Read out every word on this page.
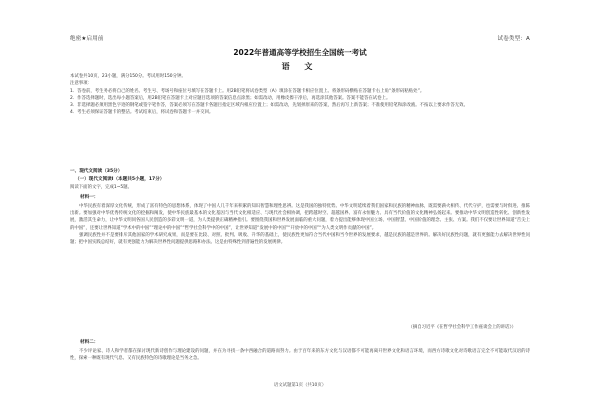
绝密★启用前	试卷类型：A
2022年普通高等学校招生全国统一考试
语 文

本试卷共10页，23小题，满分150分。考试用时150分钟。

注意事项：

1．答卷前，考生务必将自己的姓名、考生号、考场号和座位号填写在答题卡上。用2B铅笔将试卷类型（A）填涂在答题卡相应位置上。将条形码横贴在答题卡右上角“条形码粘贴处”。

2．作答选择题时，选出每小题答案后，用2B铅笔在答题卡上对应题目选项的答案信息点涂黑；如需改动，用橡皮擦干净后，再选涂其他答案。答案不能答在试卷上。

3．非选择题必须用黑色字迹的钢笔或签字笔作答，答案必须写在答题卡各题目指定区域内相应位置上；如需改动，先划掉原来的答案，然后再写上新答案；不准使用铅笔和涂改液。不按以上要求作答无效。

4．考生必须保证答题卡的整洁。考试结束后，将试卷和答题卡一并交回。

一、现代文阅读（35分）
（一）现代文阅读Ⅰ（本题共5小题，17分）
阅读下面的文字，完成1~5题。
材料一：

中华民族有着深厚文化传统，形成了富有特色的思想体系，体现了中国人几千年来积累的知识智慧和理性思辨。这是我国的独特优势。中华文明延续着我们国家和民族的精神血脉，既需要薪火相传、代代守护，也需要与时俱进、推陈出新。要加强对中华优秀传统文化的挖掘和阐发，使中华民族最基本的文化基因与当代文化相适应、与现代社会相协调，把跨越时空、超越国界、富有永恒魅力、具有当代价值的文化精神弘扬起来。要推动中华文明创造性转化、创新性发展，激活其生命力，让中华文明同各国人民创造的多彩文明一道，为人类提供正确精神指引。要围绕我国和世界发展面临的重大问题，着力提出能够体现中国立场、中国智慧、中国价值的理念、主张、方案。我们不仅要让世界知道“舌尖上的中国”，还要让世界知道“学术中的中国”“理论中的中国”“哲学社会科学中的中国”，让世界知道“发展中的中国”“开放中的中国”“为人类文明作贡献的中国”。

强调民族性并不是要排斥其他国家的学术研究成果，而是要在比较、对照、批判、吸收、升华的基础上，使民族性更加符合当代中国和当今世界的发展要求，越是民族的越是世界的。解决好民族性问题，就有更强能力去解决世界性问题；把中国实践总结好，就有更强能力为解决世界性问题提供思路和办法。这是由特殊性到普遍性的发展规律。

（摘自习近平《在哲学社会科学工作座谈会上的讲话》）
材料二：

不少评论家、诗人和学者都在探讨现代新诗创作与理论建设的问题，并在为寻找一条中西融合的道路而努力。由于百年来的东方文化与汉语都不可能再离开世界文化和语言环境，而西方诗歌文化对诗歌语言完全不可能取代汉语的诗性，探索一种既有现代气息、又有民族特色的诗歌理论是当务之急。

语文试题第1页（共10页）
